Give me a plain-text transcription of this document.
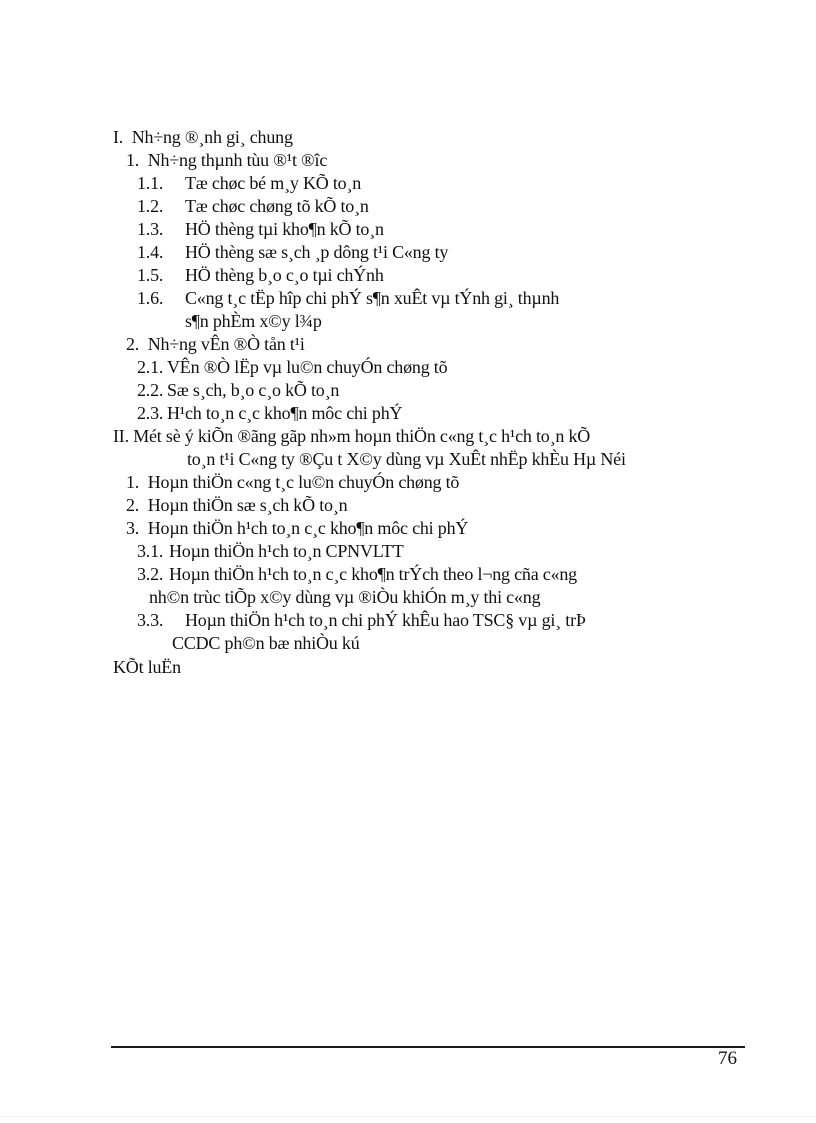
I. Nh÷ng ®¸nh gi¸ chung
1. Nh÷ng thµnh tùu ®¹t ®îc
1.1. Tæ chøc bé m¸y KÕ to¸n
1.2. Tæ chøc chøng tõ kÕ to¸n
1.3. HÖ thèng tµi kho¶n kÕ to¸n
1.4. HÖ thèng sæ s¸ch ¸p dông t¹i C«ng ty
1.5. HÖ thèng b¸o c¸o tµi chÝnh
1.6. C«ng t¸c tËp hîp chi phÝ s¶n xuÊt vµ tÝnh gi¸ thµnh
s¶n phÈm x©y l¾p
2. Nh÷ng vÊn ®Ò tån t¹i
2.1. VÊn ®Ò lËp vµ lu©n chuyÓn chøng tõ
2.2. Sæ s¸ch, b¸o c¸o kÕ to¸n
2.3. H¹ch to¸n c¸c kho¶n môc chi phÝ
II. Mét sè ý kiÕn ®ãng gãp nh»m hoµn thiÖn c«ng t¸c h¹ch to¸n kÕ
to¸n t¹i C«ng ty ®Çu t X©y dùng vµ XuÊt nhËp khÈu Hµ Néi
1. Hoµn thiÖn c«ng t¸c lu©n chuyÓn chøng tõ
2. Hoµn thiÖn sæ s¸ch kÕ to¸n
3. Hoµn thiÖn h¹ch to¸n c¸c kho¶n môc chi phÝ
3.1. Hoµn thiÖn h¹ch to¸n CPNVLTT
3.2. Hoµn thiÖn h¹ch to¸n c¸c kho¶n trÝch theo l¬ng cña c«ng
nh©n trùc tiÕp x©y dùng vµ ®iÒu khiÓn m¸y thi c«ng
3.3. Hoµn thiÖn h¹ch to¸n chi phÝ khÊu hao TSC§ vµ gi¸ trÞ
CCDC ph©n bæ nhiÒu kú
KÕt luËn
76
